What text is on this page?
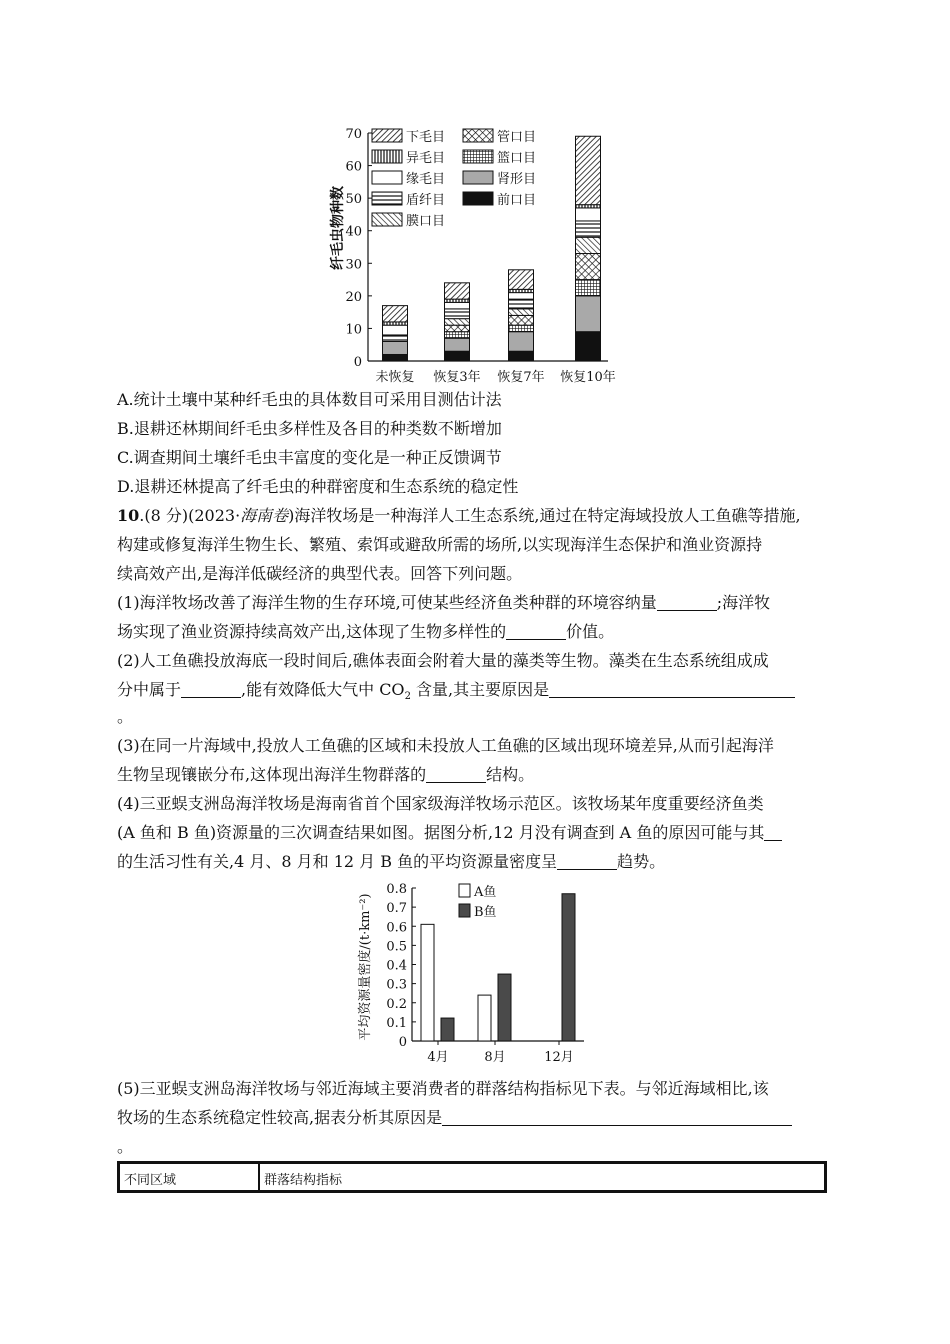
纤毛虫物种数
0
10
20
30
40
50
60
70	下毛目	管口目
异毛目	篮口目
缘毛目	肾形目
盾纤目	前口目
膜口目
未恢复 恢复3年 恢复7年 恢复10年
A.统计土壤中某种纤毛虫的具体数目可采用目测估计法
B.退耕还林期间纤毛虫多样性及各目的种类数不断增加
C.调查期间土壤纤毛虫丰富度的变化是一种正反馈调节
D.退耕还林提高了纤毛虫的种群密度和生态系统的稳定性
10.(8 分)(2023·海南卷)海洋牧场是一种海洋人工生态系统,通过在特定海域投放人工鱼礁等措施,
构建或修复海洋生物生长、繁殖、索饵或避敌所需的场所,以实现海洋生态保护和渔业资源持
续高效产出,是海洋低碳经济的典型代表。回答下列问题。
(1)海洋牧场改善了海洋生物的生存环境,可使某些经济鱼类种群的环境容纳量	;海洋牧
场实现了渔业资源持续高效产出,这体现了生物多样性的	价值。
(2)人工鱼礁投放海底一段时间后,礁体表面会附着大量的藻类等生物。藻类在生态系统组成成
分中属于	,能有效降低大气中 $CO_2$ 含量,其主要原因是
。
(3)在同一片海域中,投放人工鱼礁的区域和未投放人工鱼礁的区域出现环境差异,从而引起海洋
生物呈现镶嵌分布,这体现出海洋生物群落的	结构。
(4)三亚蜈支洲岛海洋牧场是海南省首个国家级海洋牧场示范区。该牧场某年度重要经济鱼类
(A 鱼和 B 鱼)资源量的三次调查结果如图。据图分析,12 月没有调查到 A 鱼的原因可能与其
的生活习性有关,4 月、8 月和 12 月 B 鱼的平均资源量密度呈	趋势。
平均资源量密度/(t·km⁻²)
0
0.1
0.2
0.3
0.4
0.5
0.6
0.7
0.8
4月	8月	12月
A鱼
B鱼
(5)三亚蜈支洲岛海洋牧场与邻近海域主要消费者的群落结构指标见下表。与邻近海域相比,该
牧场的生态系统稳定性较高,据表分析其原因是
。
不同区域	群落结构指标
